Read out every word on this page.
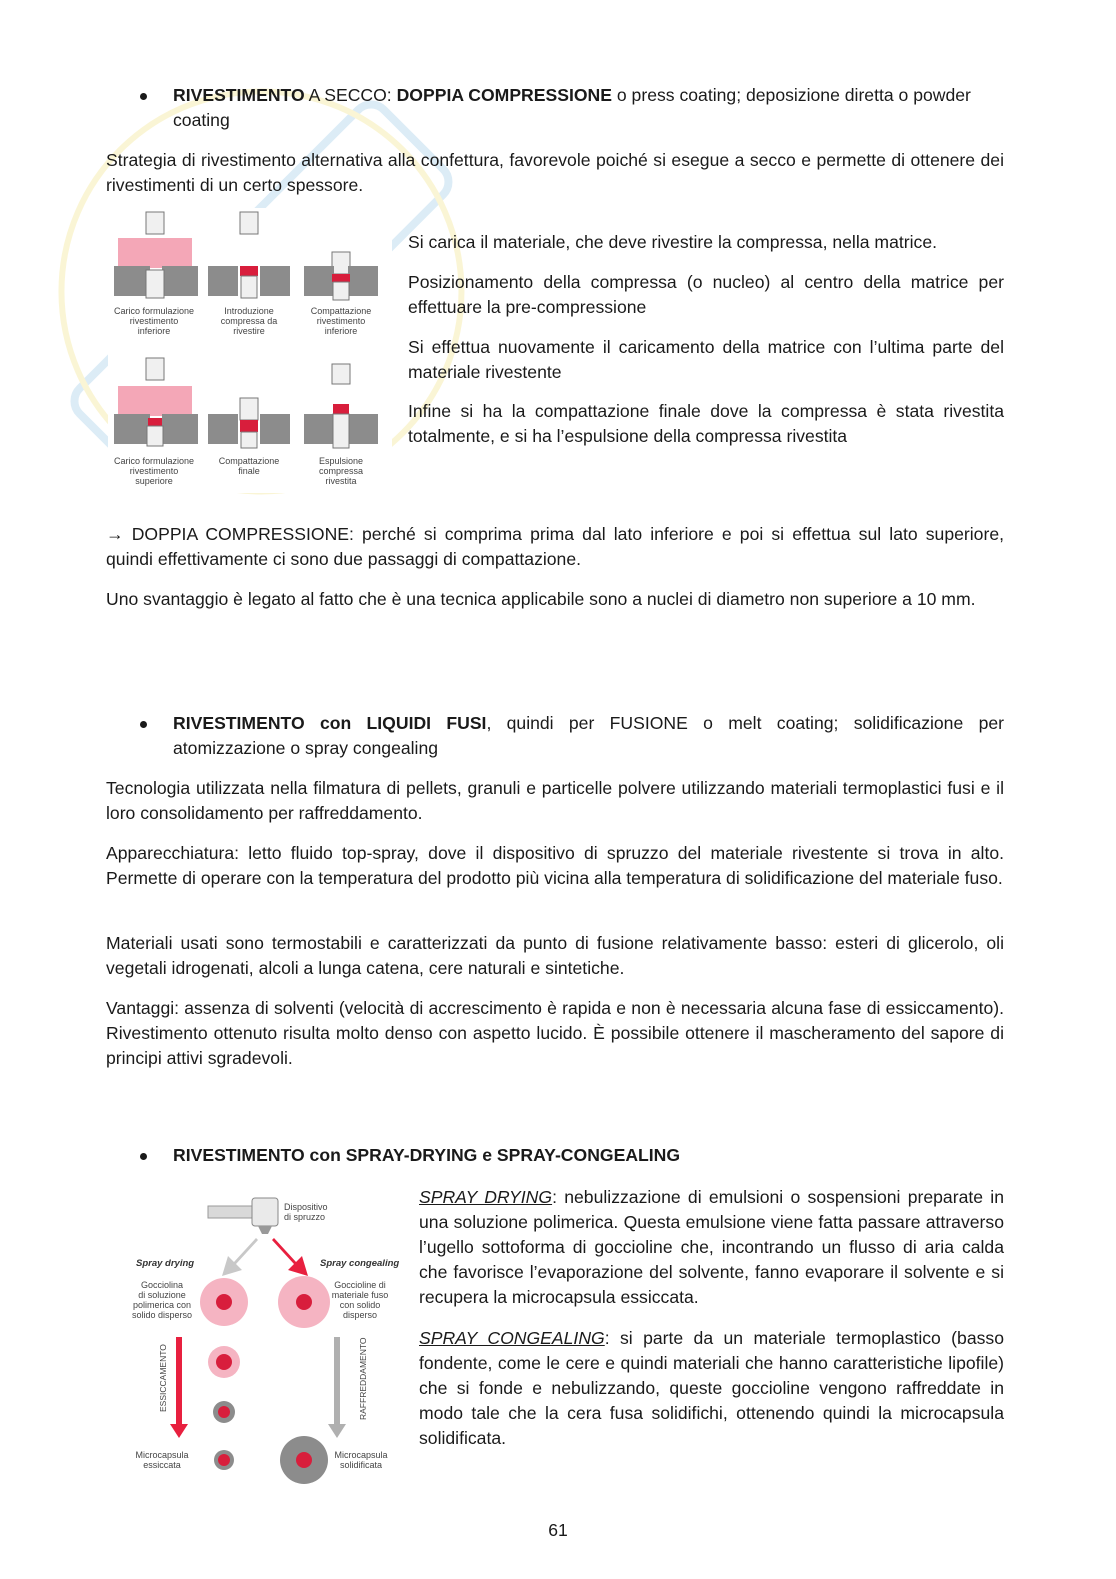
RIVESTIMENTO A SECCO: DOPPIA COMPRESSIONE o press coating; deposizione diretta o powder coating

Strategia di rivestimento alternativa alla confettura, favorevole poiché si esegue a secco e permette di ottenere dei rivestimenti di un certo spessore.

Carico formulazione rivestimento inferiore
Introduzione compressa da rivestire
Compattazione rivestimento inferiore
Carico formulazione rivestimento superiore
Compattazione finale
Espulsione compressa rivestita

Si carica il materiale, che deve rivestire la compressa, nella matrice.

Posizionamento della compressa (o nucleo) al centro della matrice per effettuare la pre-compressione

Si effettua nuovamente il caricamento della matrice con l’ultima parte del materiale rivestente

Infine si ha la compattazione finale dove la compressa è stata rivestita totalmente, e si ha l’espulsione della compressa rivestita

→ DOPPIA COMPRESSIONE: perché si comprima prima dal lato inferiore e poi si effettua sul lato superiore, quindi effettivamente ci sono due passaggi di compattazione.

Uno svantaggio è legato al fatto che è una tecnica applicabile sono a nuclei di diametro non superiore a 10 mm.

RIVESTIMENTO con LIQUIDI FUSI, quindi per FUSIONE o melt coating; solidificazione per atomizzazione o spray congealing

Tecnologia utilizzata nella filmatura di pellets, granuli e particelle polvere utilizzando materiali termoplastici fusi e il loro consolidamento per raffreddamento.

Apparecchiatura: letto fluido top-spray, dove il dispositivo di spruzzo del materiale rivestente si trova in alto. Permette di operare con la temperatura del prodotto più vicina alla temperatura di solidificazione del materiale fuso.

Materiali usati sono termostabili e caratterizzati da punto di fusione relativamente basso: esteri di glicerolo, oli vegetali idrogenati, alcoli a lunga catena, cere naturali e sintetiche.

Vantaggi: assenza di solventi (velocità di accrescimento è rapida e non è necessaria alcuna fase di essiccamento). Rivestimento ottenuto risulta molto denso con aspetto lucido. È possibile ottenere il mascheramento del sapore di principi attivi sgradevoli.

RIVESTIMENTO con SPRAY-DRYING e SPRAY-CONGEALING

Dispositivo di spruzzo
Spray drying	Spray congealing
Gocciolina di soluzione polimerica con solido disperso
Goccioline di materiale fuso con solido disperso
ESSICCAMENTO	RAFFREDDAMENTO
Microcapsula essiccata
Microcapsula solidificata

SPRAY DRYING: nebulizzazione di emulsioni o sospensioni preparate in una soluzione polimerica. Questa emulsione viene fatta passare attraverso l’ugello sottoforma di goccioline che, incontrando un flusso di aria calda che favorisce l’evaporazione del solvente, fanno evaporare il solvente e si recupera la microcapsula essiccata.

SPRAY CONGEALING: si parte da un materiale termoplastico (basso fondente, come le cere e quindi materiali che hanno caratteristiche lipofile) che si fonde e nebulizzando, queste goccioline vengono raffreddate in modo tale che la cera fusa solidifichi, ottenendo quindi la microcapsula solidificata.

61
